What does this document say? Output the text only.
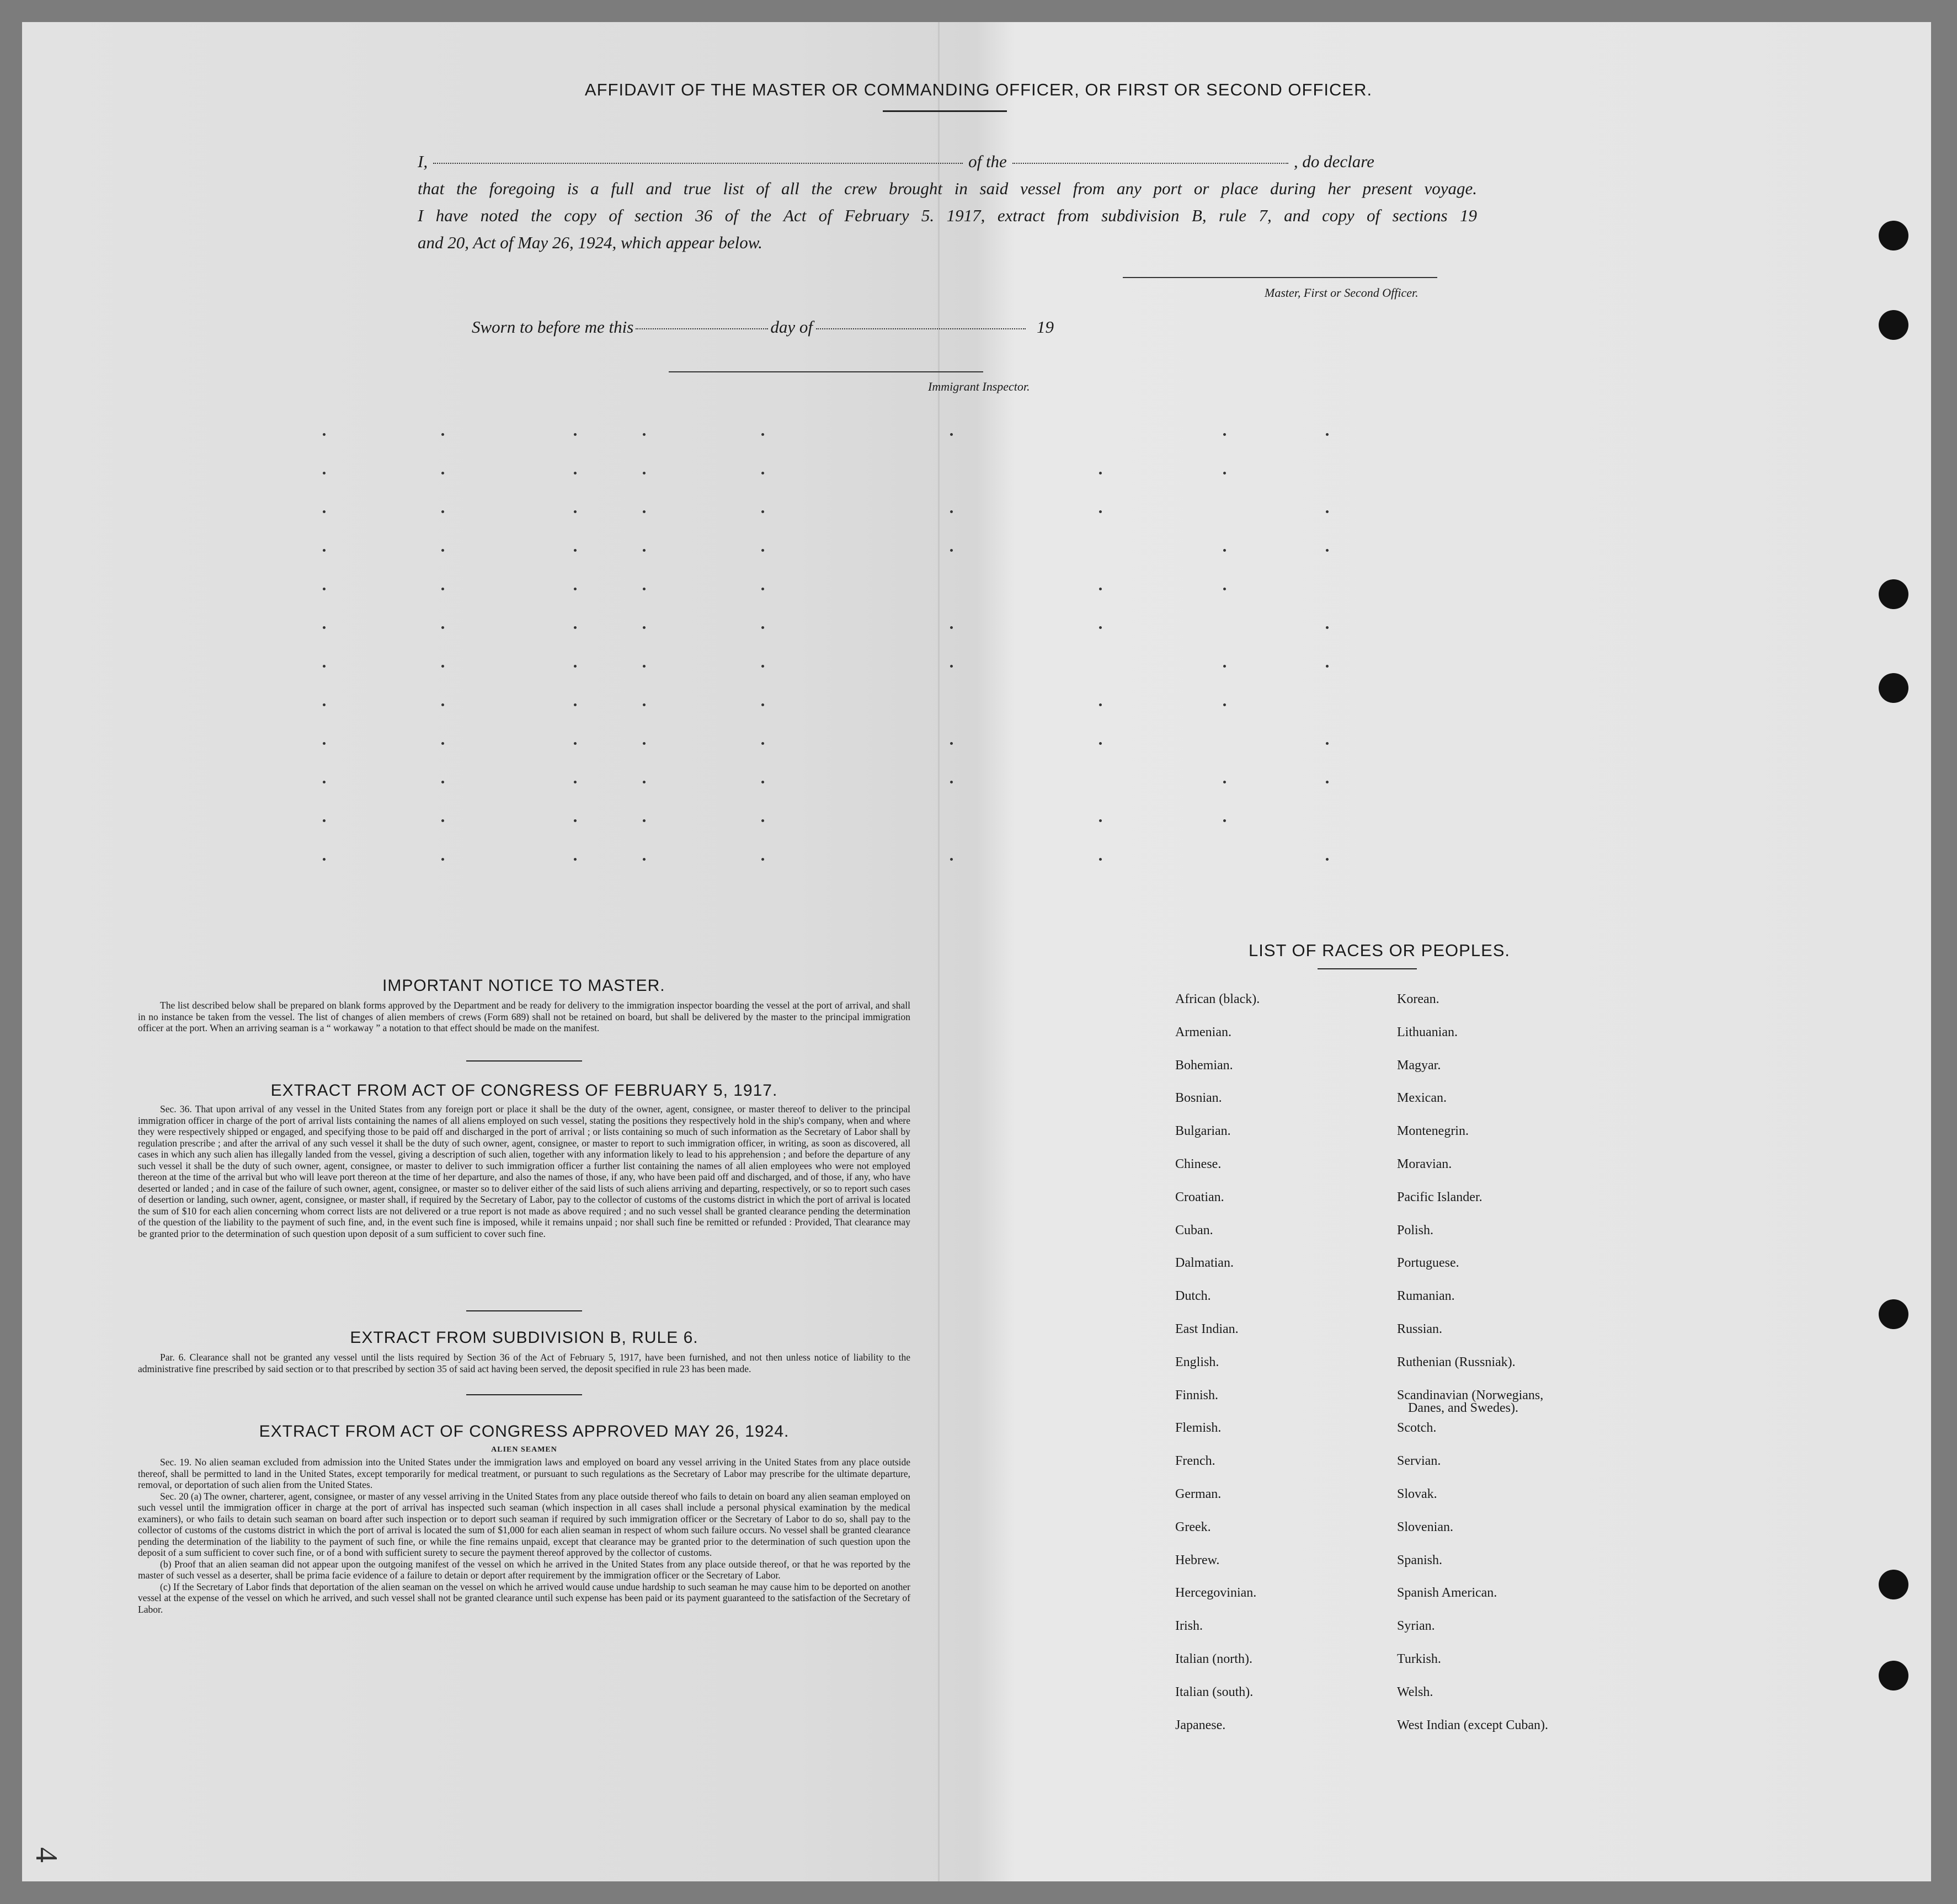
AFFIDAVIT OF THE MASTER OR COMMANDING OFFICER, OR FIRST OR SECOND OFFICER.
I,	of the	, do declare
that the foregoing is a full and true list of all the crew brought in said vessel from any port or place during her present voyage.
I have noted the copy of section 36 of the Act of February 5. 1917, extract from subdivision B, rule 7, and copy of sections 19
and 20, Act of May 26, 1924, which appear below.
Master, First or Second Officer.
Sworn to before me this	day of	19
Immigrant Inspector.
IMPORTANT NOTICE TO MASTER.

The list described below shall be prepared on blank forms approved by the Department and be ready for delivery to the immigration inspector boarding the vessel at the port of arrival, and shall in no instance be taken from the vessel. The list of changes of alien members of crews (Form 689) shall not be retained on board, but shall be delivered by the master to the principal immigration officer at the port. When an arriving seaman is a “ workaway ” a notation to that effect should be made on the manifest.

EXTRACT FROM ACT OF CONGRESS OF FEBRUARY 5, 1917.

Sec. 36. That upon arrival of any vessel in the United States from any foreign port or place it shall be the duty of the owner, agent, consignee, or master thereof to deliver to the principal immigration officer in charge of the port of arrival lists containing the names of all aliens employed on such vessel, stating the positions they respectively hold in the ship's company, when and where they were respectively shipped or engaged, and specifying those to be paid off and discharged in the port of arrival ; or lists containing so much of such information as the Secretary of Labor shall by regulation prescribe ; and after the arrival of any such vessel it shall be the duty of such owner, agent, consignee, or master to report to such immigration officer, in writing, as soon as discovered, all cases in which any such alien has illegally landed from the vessel, giving a description of such alien, together with any information likely to lead to his apprehension ; and before the departure of any such vessel it shall be the duty of such owner, agent, consignee, or master to deliver to such immigration officer a further list containing the names of all alien employees who were not employed thereon at the time of the arrival but who will leave port thereon at the time of her departure, and also the names of those, if any, who have been paid off and discharged, and of those, if any, who have deserted or landed ; and in case of the failure of such owner, agent, consignee, or master so to deliver either of the said lists of such aliens arriving and departing, respectively, or so to report such cases of desertion or landing, such owner, agent, consignee, or master shall, if required by the Secretary of Labor, pay to the collector of customs of the customs district in which the port of arrival is located the sum of $10 for each alien concerning whom correct lists are not delivered or a true report is not made as above required ; and no such vessel shall be granted clearance pending the determination of the question of the liability to the payment of such fine, and, in the event such fine is imposed, while it remains unpaid ; nor shall such fine be remitted or refunded : Provided, That clearance may be granted prior to the determination of such question upon deposit of a sum sufficient to cover such fine.

EXTRACT FROM SUBDIVISION B, RULE 6.

Par. 6. Clearance shall not be granted any vessel until the lists required by Section 36 of the Act of February 5, 1917, have been furnished, and not then unless notice of liability to the administrative fine prescribed by said section or to that prescribed by section 35 of said act having been served, the deposit specified in rule 23 has been made.

EXTRACT FROM ACT OF CONGRESS APPROVED MAY 26, 1924.
ALIEN SEAMEN

Sec. 19. No alien seaman excluded from admission into the United States under the immigration laws and employed on board any vessel arriving in the United States from any place outside thereof, shall be permitted to land in the United States, except temporarily for medical treatment, or pursuant to such regulations as the Secretary of Labor may prescribe for the ultimate departure, removal, or deportation of such alien from the United States.

Sec. 20 (a) The owner, charterer, agent, consignee, or master of any vessel arriving in the United States from any place outside thereof who fails to detain on board any alien seaman employed on such vessel until the immigration officer in charge at the port of arrival has inspected such seaman (which inspection in all cases shall include a personal physical examination by the medical examiners), or who fails to detain such seaman on board after such inspection or to deport such seaman if required by such immigration officer or the Secretary of Labor to do so, shall pay to the collector of customs of the customs district in which the port of arrival is located the sum of $1,000 for each alien seaman in respect of whom such failure occurs. No vessel shall be granted clearance pending the determination of the liability to the payment of such fine, or while the fine remains unpaid, except that clearance may be granted prior to the determination of such question upon the deposit of a sum sufficient to cover such fine, or of a bond with sufficient surety to secure the payment thereof approved by the collector of customs.

(b) Proof that an alien seaman did not appear upon the outgoing manifest of the vessel on which he arrived in the United States from any place outside thereof, or that he was reported by the master of such vessel as a deserter, shall be prima facie evidence of a failure to detain or deport after requirement by the immigration officer or the Secretary of Labor.

(c) If the Secretary of Labor finds that deportation of the alien seaman on the vessel on which he arrived would cause undue hardship to such seaman he may cause him to be deported on another vessel at the expense of the vessel on which he arrived, and such vessel shall not be granted clearance until such expense has been paid or its payment guaranteed to the satisfaction of the Secretary of Labor.

LIST OF RACES OR PEOPLES.
African (black).
Armenian.
Bohemian.
Bosnian.
Bulgarian.
Chinese.
Croatian.
Cuban.
Dalmatian.
Dutch.
East Indian.
English.
Finnish.
Flemish.
French.
German.
Greek.
Hebrew.
Hercegovinian.
Irish.
Italian (north).
Italian (south).
Japanese.
Korean.
Lithuanian.
Magyar.
Mexican.
Montenegrin.
Moravian.
Pacific Islander.
Polish.
Portuguese.
Rumanian.
Russian.
Ruthenian (Russniak).
Scandinavian (Norwegians,
Scotch.
Servian.
Slovak.
Slovenian.
Spanish.
Spanish American.
Syrian.
Turkish.
Welsh.
West Indian (except Cuban).
Danes, and Swedes).
4
